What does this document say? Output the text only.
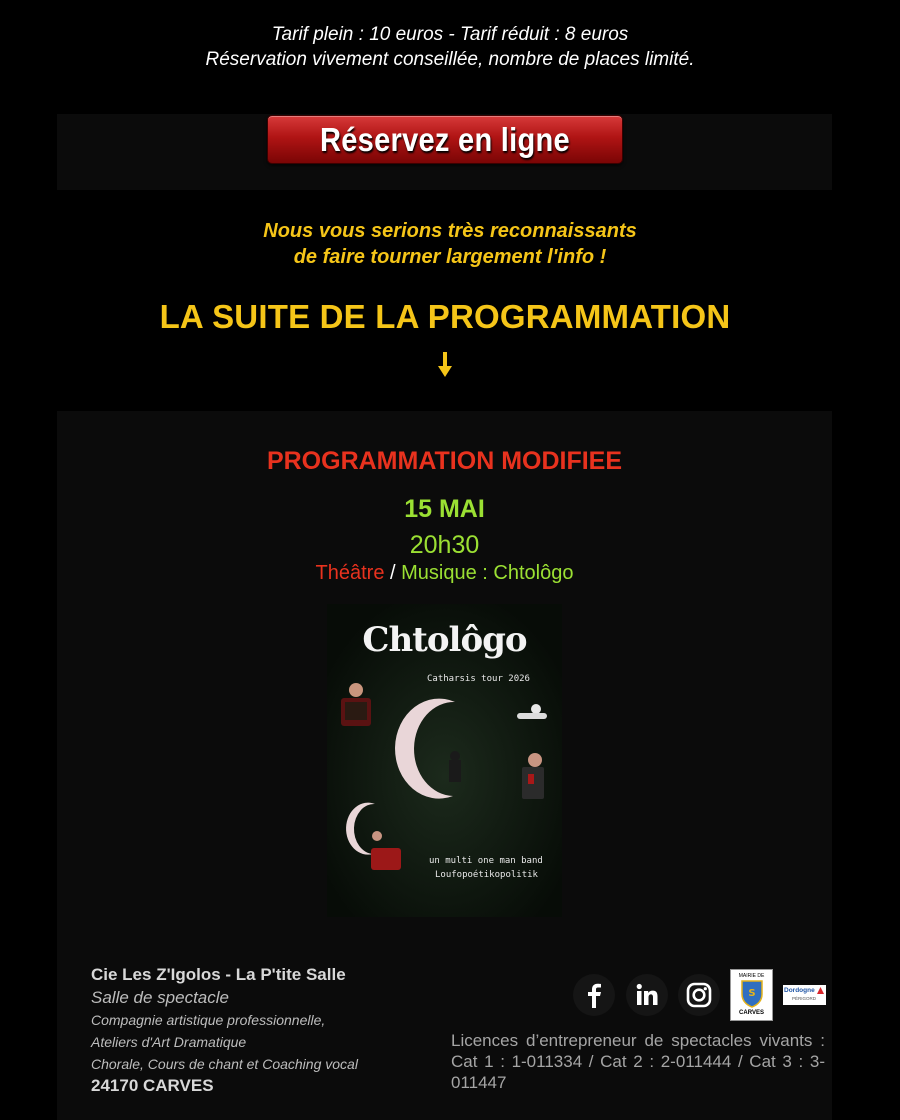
Tarif plein : 10 euros - Tarif réduit : 8 euros
Réservation vivement conseillée, nombre de places limité.
Réservez en ligne
Nous vous serions très reconnaissants
de faire tourner largement l'info !
LA SUITE DE LA PROGRAMMATION
PROGRAMMATION MODIFIEE
15 MAI
20h30
Théâtre / Musique : Chtolôgo
Chtolôgo
Catharsis tour 2026
un multi one man band
Loufopoétikopolitik
Cie Les Z'Igolos - La P'tite Salle
Salle de spectacle
Compagnie artistique professionnelle,
Ateliers d'Art Dramatique
Chorale, Cours de chant et Coaching vocal
24170 CARVES
MAIRIE DE
S
CARVES
Dordogne
PÉRIGORD
Licences d’entrepreneur de spectacles vivants : Cat 1 : 1-011334 / Cat 2 : 2-011444 / Cat 3 : 3-011447
